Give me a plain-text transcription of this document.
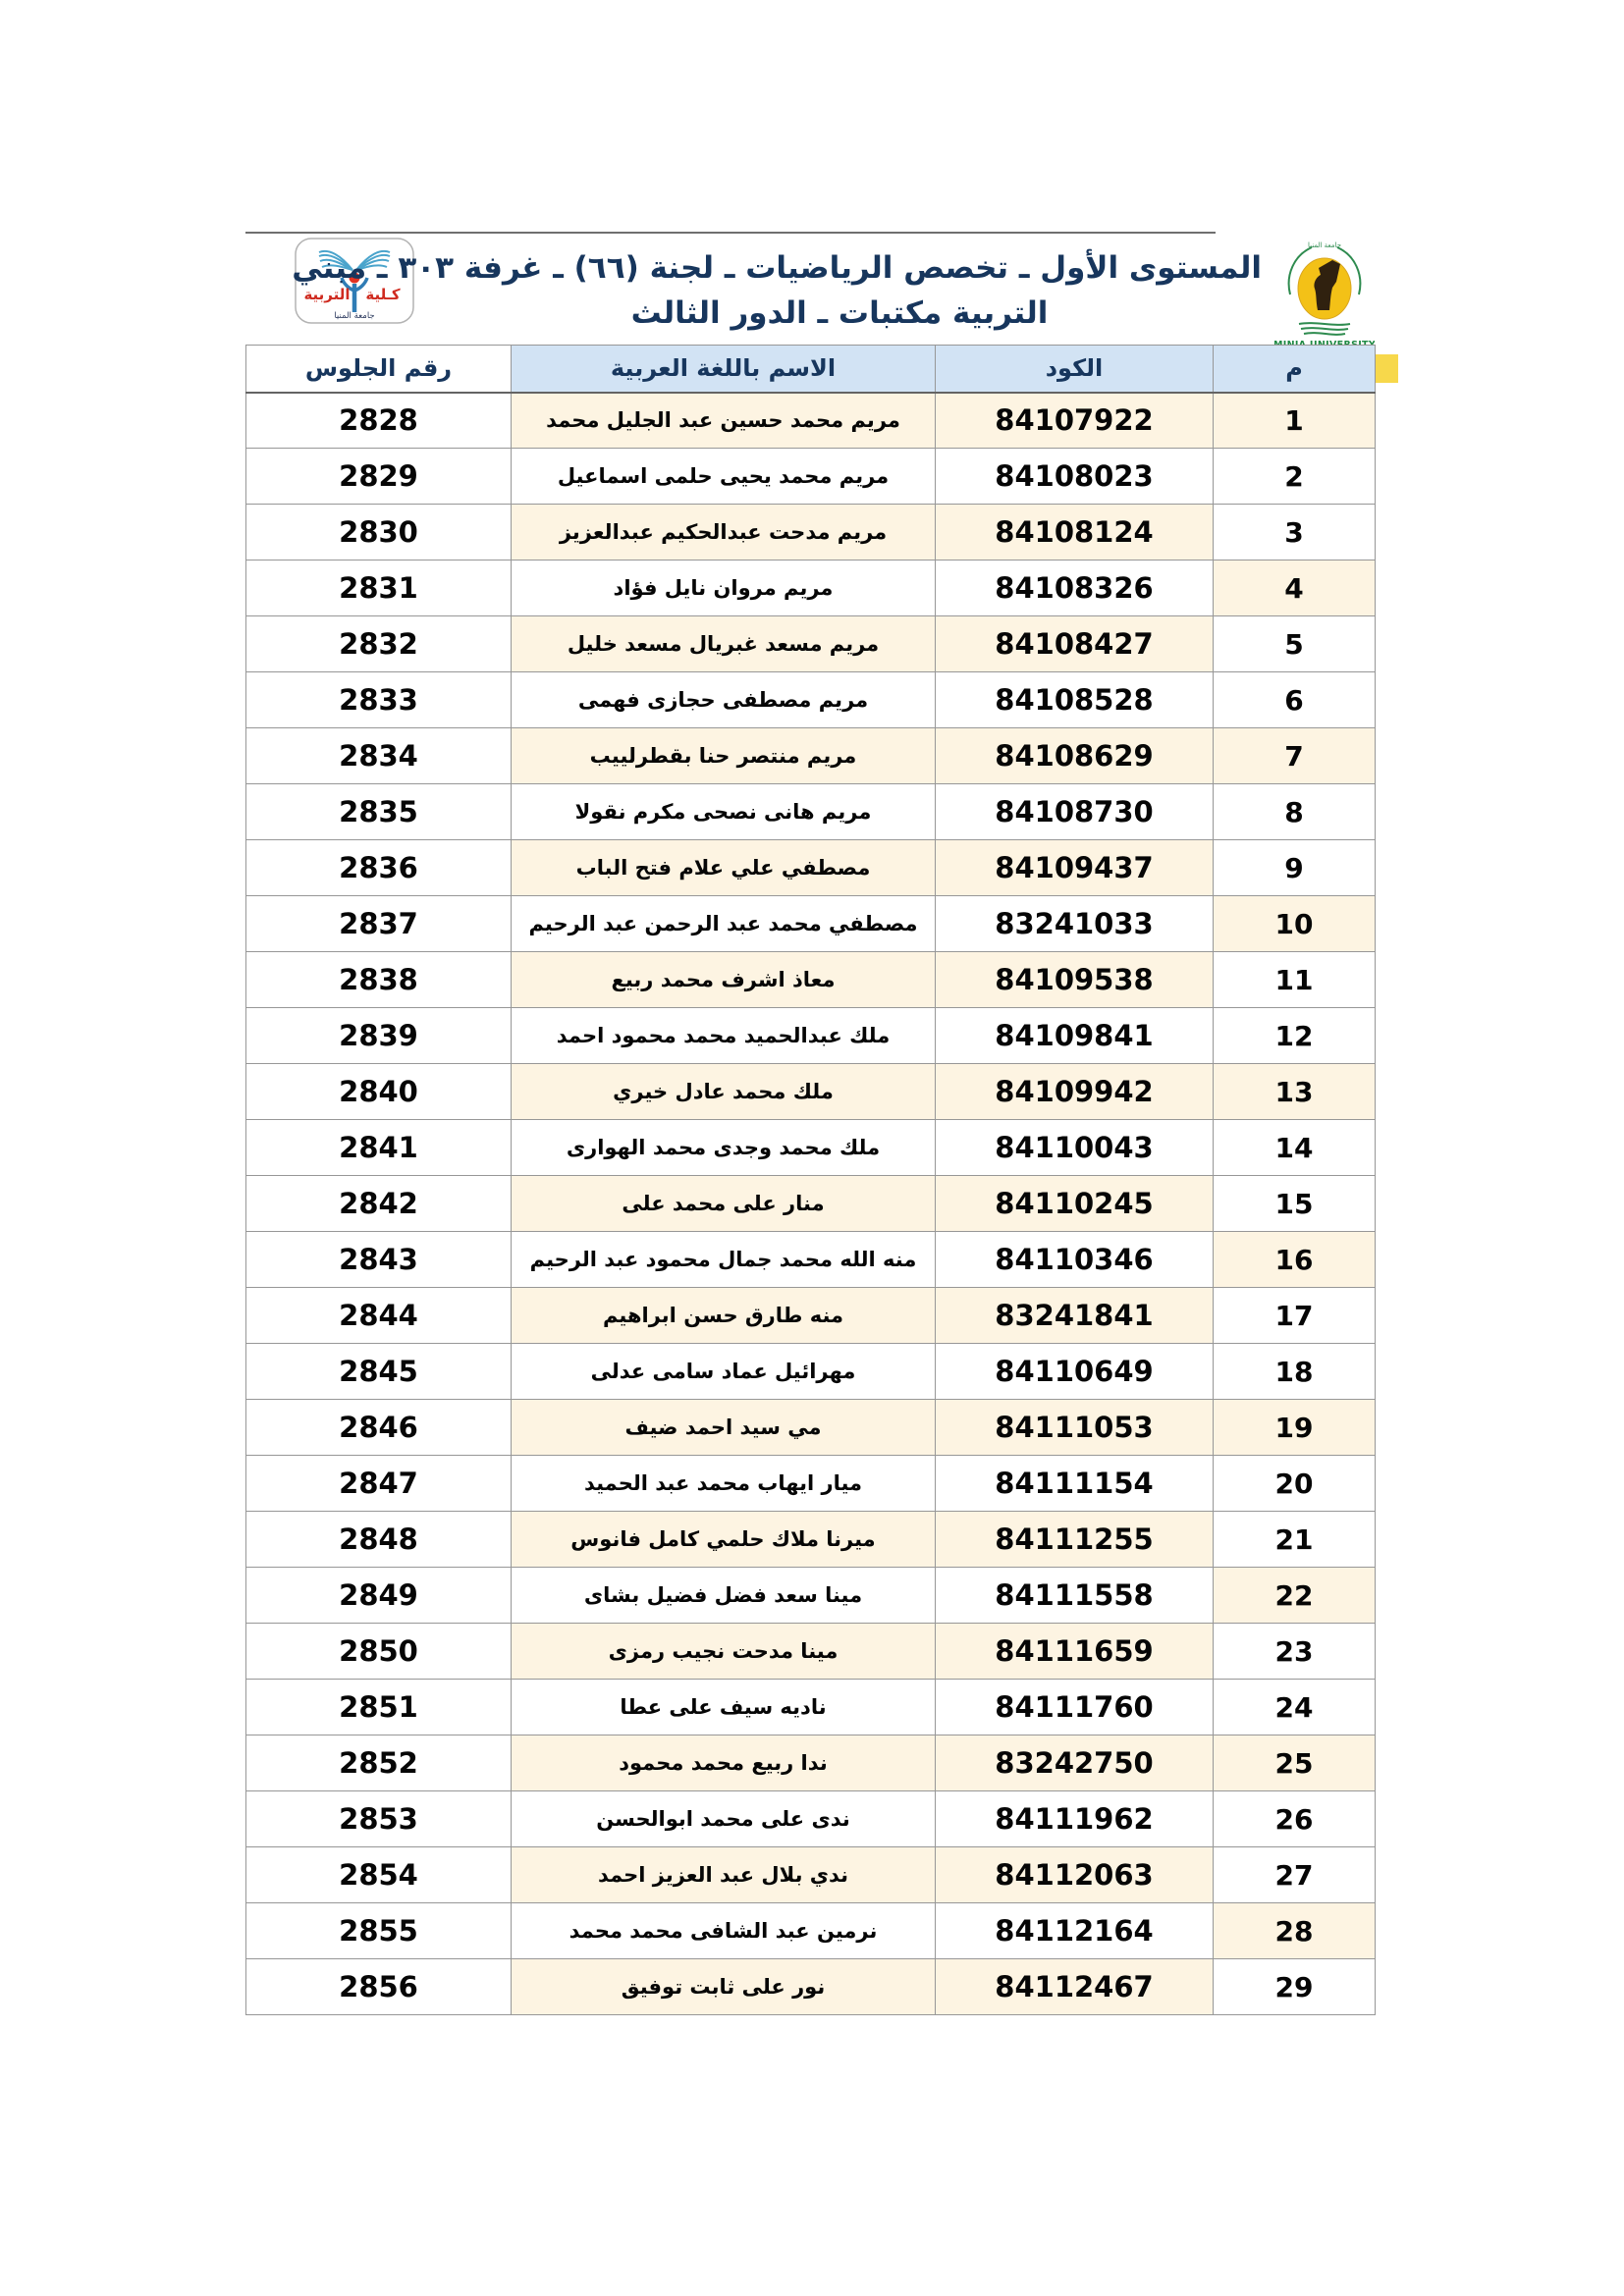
كـلية
التربية
جامعة المنيا
المستوى الأول ـ تخصص الرياضيات ـ لجنة (٦٦) ـ غرفة ٣٠٣ ـ مبني
التربية مكتبات ـ الدور الثالث
جامعة المنيا
م	الكود	الاسم باللغة العربية	رقم الجلوس
1	84107922	مريم محمد حسين عبد الجليل محمد	2828
2	84108023	مريم محمد يحيى حلمى اسماعيل	2829
3	84108124	مريم مدحت عبدالحكيم عبدالعزيز	2830
4	84108326	مريم مروان نايل فؤاد	2831
5	84108427	مريم مسعد غبريال مسعد خليل	2832
6	84108528	مريم مصطفى حجازى فهمى	2833
7	84108629	مريم منتصر حنا بقطرلييب	2834
8	84108730	مريم هانى نصحى مكرم نقولا	2835
9	84109437	مصطفي علي علام فتح الباب	2836
10	83241033	مصطفي محمد عبد الرحمن عبد الرحيم	2837
11	84109538	معاذ اشرف محمد ربيع	2838
12	84109841	ملك عبدالحميد محمد محمود احمد	2839
13	84109942	ملك محمد عادل خيري	2840
14	84110043	ملك محمد وجدى محمد الهوارى	2841
15	84110245	منار على محمد على	2842
16	84110346	منه الله محمد جمال محمود عبد الرحيم	2843
17	83241841	منه طارق حسن ابراهيم	2844
18	84110649	مهرائيل عماد سامى عدلى	2845
19	84111053	مي سيد احمد ضيف	2846
20	84111154	ميار ايهاب محمد عبد الحميد	2847
21	84111255	ميرنا ملاك حلمي كامل فانوس	2848
22	84111558	مينا سعد فضل فضيل بشاى	2849
23	84111659	مينا مدحت نجيب رمزى	2850
24	84111760	ناديه سيف على عطا	2851
25	83242750	ندا ربيع محمد محمود	2852
26	84111962	ندى على محمد ابوالحسن	2853
27	84112063	ندي بلال عبد العزيز احمد	2854
28	84112164	نرمين عبد الشافى محمد محمد	2855
29	84112467	نور على ثابت توفيق	2856
